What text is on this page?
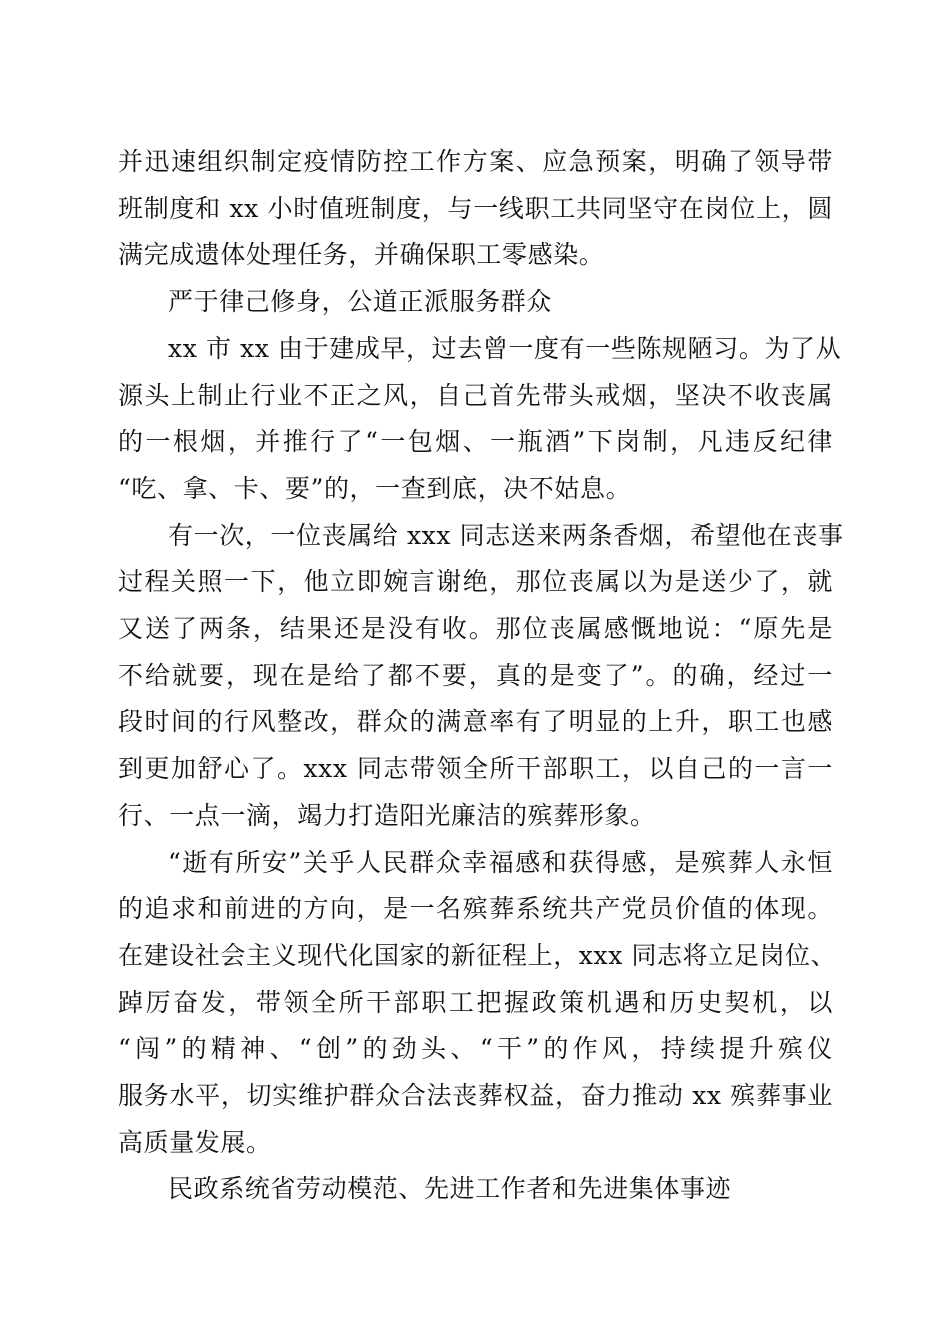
并迅速组织制定疫情防控工作方案、应急预案，明确了领导带
班制度和 xx 小时值班制度，与一线职工共同坚守在岗位上，圆
满完成遗体处理任务，并确保职工零感染。
严于律己修身，公道正派服务群众
xx 市 xx 由于建成早，过去曾一度有一些陈规陋习。为了从
源头上制止行业不正之风，自己首先带头戒烟，坚决不收丧属
的一根烟，并推行了“一包烟、一瓶酒”下岗制，凡违反纪律
“吃、拿、卡、要”的，一查到底，决不姑息。
有一次，一位丧属给 xxx 同志送来两条香烟，希望他在丧事
过程关照一下，他立即婉言谢绝，那位丧属以为是送少了，就
又送了两条，结果还是没有收。那位丧属感慨地说：“原先是
不给就要，现在是给了都不要，真的是变了”。的确，经过一
段时间的行风整改，群众的满意率有了明显的上升，职工也感
到更加舒心了。xxx 同志带领全所干部职工，以自己的一言一
行、一点一滴，竭力打造阳光廉洁的殡葬形象。
“逝有所安”关乎人民群众幸福感和获得感，是殡葬人永恒
的追求和前进的方向，是一名殡葬系统共产党员价值的体现。
在建设社会主义现代化国家的新征程上，xxx 同志将立足岗位、
踔厉奋发，带领全所干部职工把握政策机遇和历史契机，以
“闯”的精神、“创”的劲头、“干”的作风，持续提升殡仪
服务水平，切实维护群众合法丧葬权益，奋力推动 xx 殡葬事业
高质量发展。
民政系统省劳动模范、先进工作者和先进集体事迹
